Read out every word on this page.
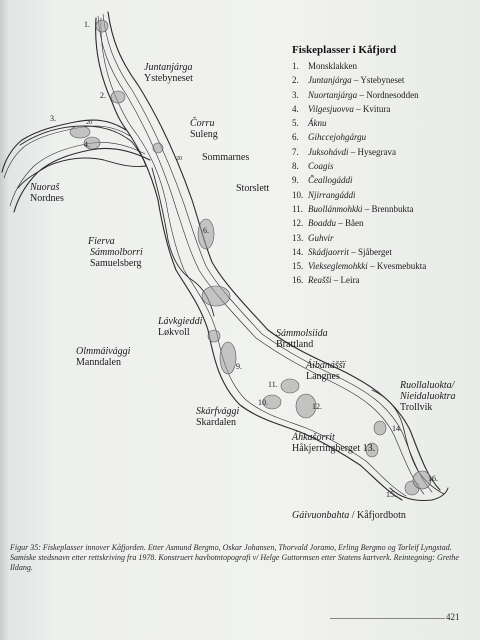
1.
2.
3.	20
4.
20
6.
9.
10.
11.
12.
14.
15.
16.
Juntanjárga
Ystebyneset
Čorru
Suleng
Sommarnes
Storslett
Nuoraš
Nordnes
Fierva
Sámmolborri
Samuelsberg
Lávkgieddi
Løkvoll	Sámmolsiida
Brattland
Olmmáivággi
Manndalen	Áibanáššï
Langnes
Ruollaluokta/
Nieidaluoktra
Trollvik
Skárfvággi
Skardalen
Áhkašorrit
Håkjerringberget 13.
Gáivuonbahta / Kåfjordbotn
Fiskeplasser i Kåfjord
1. Monsklakken
2. Juntanjárga – Ystebyneset
3. Nuortanjárga – Nordnesodden
4. Vilgesjuovva – Kvitura
5. Áknu
6. Gihccejohgárgu
7. Juksohávdi – Hysegrava
8. Coagis
9. Čeallogáddi
10. Njirrangáddi
11. Buollánmohkki – Brennbukta
12. Boaddu – Båen
13. Guhvir
14. Skádjaorrit – Sjåberget
15. Viekseglemohkki – Kvesmebukta
16. Reašši – Leira
Figur 35: Fiskeplasser innover Kåfjorden. Etter Asmund Bergmo, Oskar Johansen, Thorvald Joramo, Erling Bergmo og Torleif Lyngstad. Samiske stedsnavn etter rettskriving fra 1978. Konstruert havbotntopografi v/ Helge Guttormsen etter Statens kartverk. Reintegning: Grethe Ildang.
421
